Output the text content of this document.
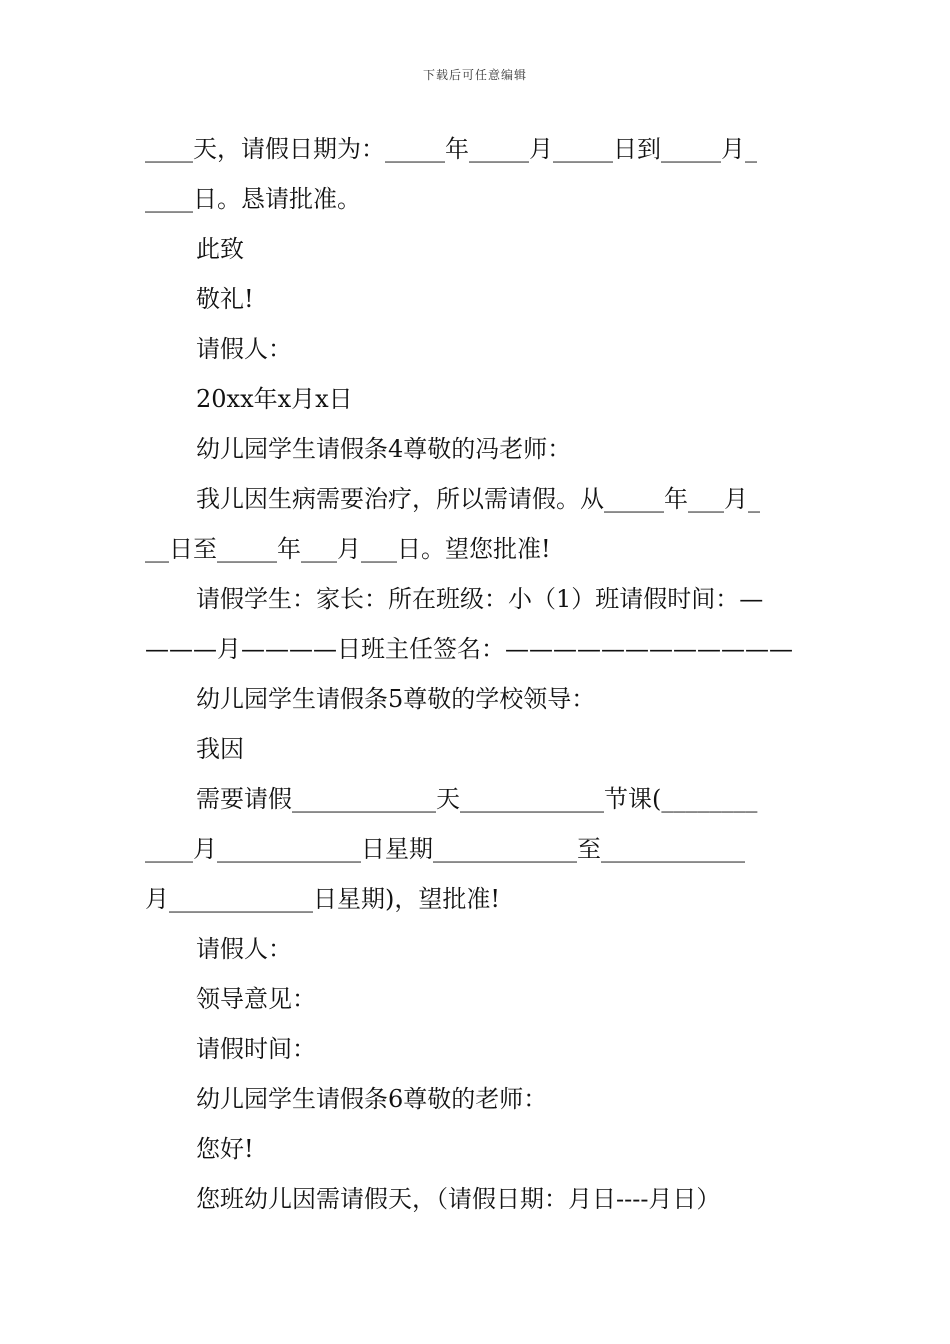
下载后可任意编辑
____天，请假日期为：_____年_____月_____日到_____月_
____日。恳请批准。
此致
敬礼!
请假人：
20xx年x月x日
幼儿园学生请假条4尊敬的冯老师：
我儿因生病需要治疗，所以需请假。从_____年___月_
__日至_____年___月___日。望您批准!
请假学生：家长：所在班级：小（1）班请假时间：—
———月————日班主任签名：————————————
幼儿园学生请假条5尊敬的学校领导：
我因
需要请假____________天____________节课(________
____月____________日星期____________至____________
月____________日星期)，望批准!
请假人：
领导意见：
请假时间：
幼儿园学生请假条6尊敬的老师：
您好!
您班幼儿因需请假天，（请假日期：月日----月日）
